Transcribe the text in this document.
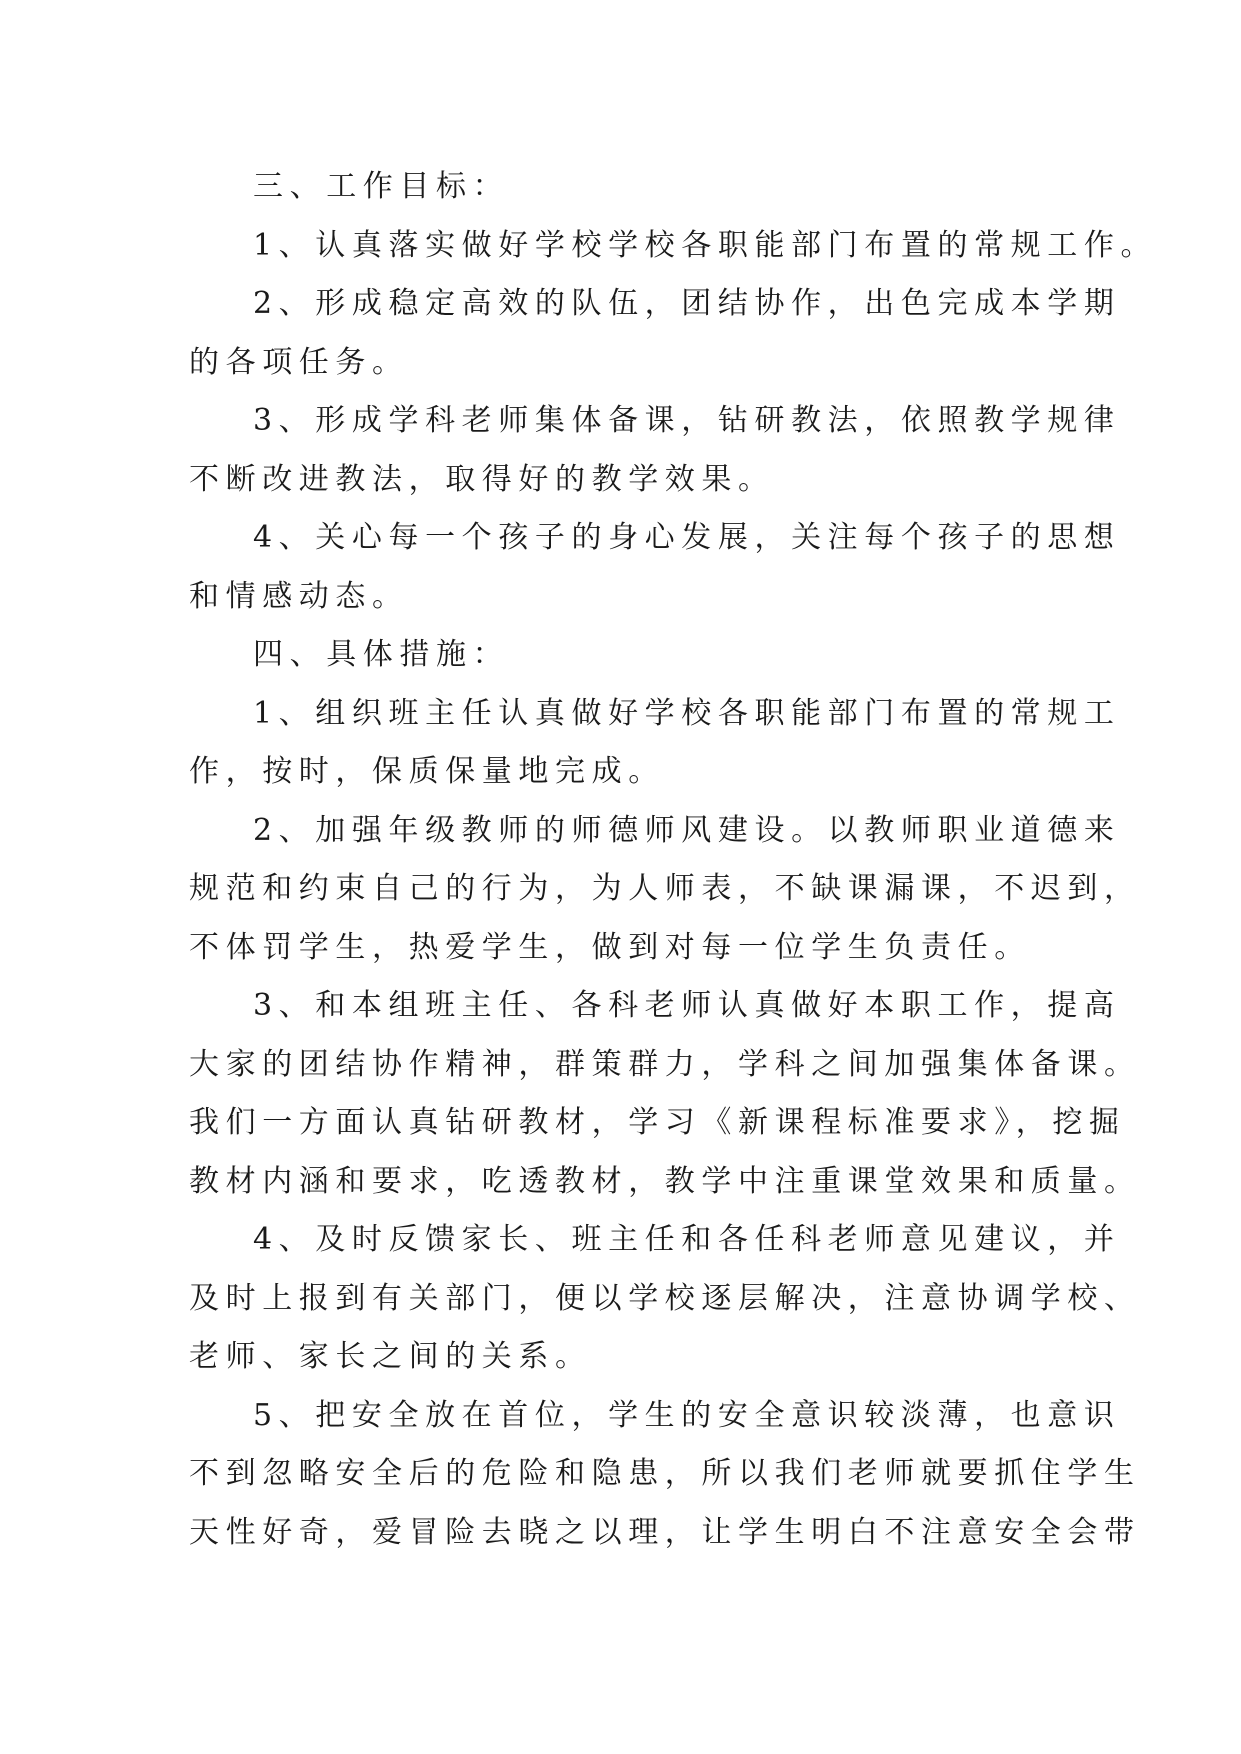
三、工作目标：
1、认真落实做好学校学校各职能部门布置的常规工作。
2、形成稳定高效的队伍，团结协作，出色完成本学期
的各项任务。
3、形成学科老师集体备课，钻研教法，依照教学规律
不断改进教法，取得好的教学效果。
4、关心每一个孩子的身心发展，关注每个孩子的思想
和情感动态。
四、具体措施：
1、组织班主任认真做好学校各职能部门布置的常规工
作，按时，保质保量地完成。
2、加强年级教师的师德师风建设。以教师职业道德来
规范和约束自己的行为，为人师表，不缺课漏课，不迟到，
不体罚学生，热爱学生，做到对每一位学生负责任。
3、和本组班主任、各科老师认真做好本职工作，提高
大家的团结协作精神，群策群力，学科之间加强集体备课。
我们一方面认真钻研教材，学习《新课程标准要求》，挖掘
教材内涵和要求，吃透教材，教学中注重课堂效果和质量。
4、及时反馈家长、班主任和各任科老师意见建议，并
及时上报到有关部门，便以学校逐层解决，注意协调学校、
老师、家长之间的关系。
5、把安全放在首位，学生的安全意识较淡薄，也意识
不到忽略安全后的危险和隐患，所以我们老师就要抓住学生
天性好奇，爱冒险去晓之以理，让学生明白不注意安全会带
